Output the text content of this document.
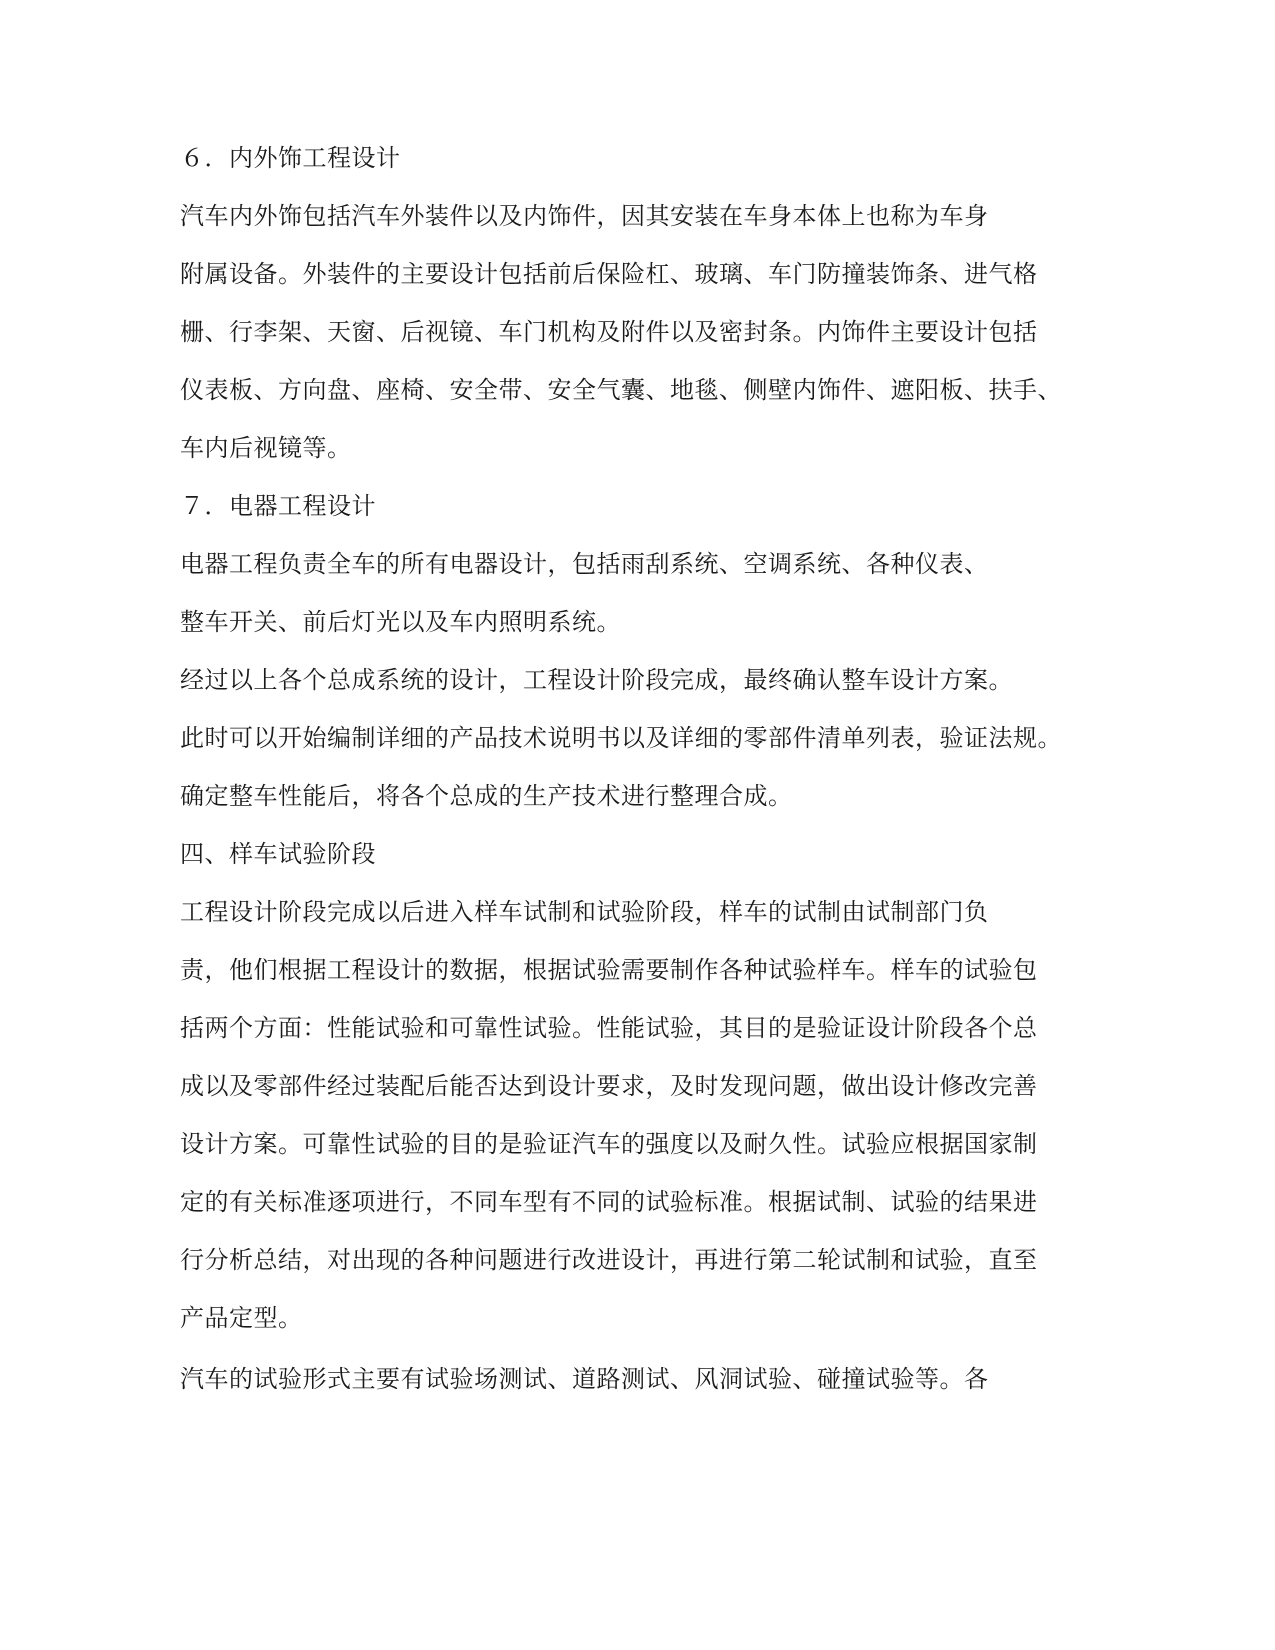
６．内外饰工程设计
汽车内外饰包括汽车外装件以及内饰件，因其安装在车身本体上也称为车身
附属设备。外装件的主要设计包括前后保险杠、玻璃、车门防撞装饰条、进气格
栅、行李架、天窗、后视镜、车门机构及附件以及密封条。内饰件主要设计包括
仪表板、方向盘、座椅、安全带、安全气囊、地毯、侧壁内饰件、遮阳板、扶手、
车内后视镜等。
７．电器工程设计
电器工程负责全车的所有电器设计，包括雨刮系统、空调系统、各种仪表、
整车开关、前后灯光以及车内照明系统。
经过以上各个总成系统的设计，工程设计阶段完成，最终确认整车设计方案。
此时可以开始编制详细的产品技术说明书以及详细的零部件清单列表，验证法规。
确定整车性能后，将各个总成的生产技术进行整理合成。
四、样车试验阶段
工程设计阶段完成以后进入样车试制和试验阶段，样车的试制由试制部门负
责，他们根据工程设计的数据，根据试验需要制作各种试验样车。样车的试验包
括两个方面：性能试验和可靠性试验。性能试验，其目的是验证设计阶段各个总
成以及零部件经过装配后能否达到设计要求，及时发现问题，做出设计修改完善
设计方案。可靠性试验的目的是验证汽车的强度以及耐久性。试验应根据国家制
定的有关标准逐项进行，不同车型有不同的试验标准。根据试制、试验的结果进
行分析总结，对出现的各种问题进行改进设计，再进行第二轮试制和试验，直至
产品定型。
汽车的试验形式主要有试验场测试、道路测试、风洞试验、碰撞试验等。各
